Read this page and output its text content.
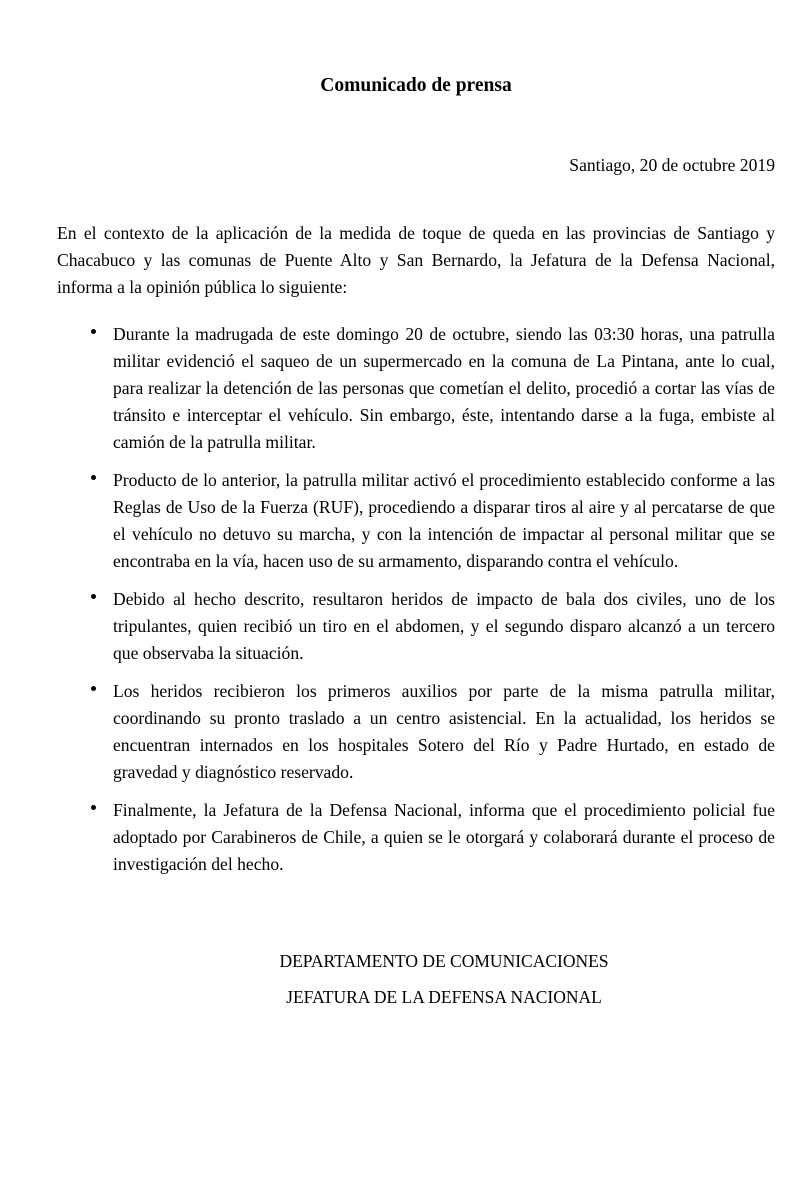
Comunicado de prensa

Santiago, 20 de octubre 2019

En el contexto de la aplicación de la medida de toque de queda en las provincias de Santiago y Chacabuco y las comunas de Puente Alto y San Bernardo, la Jefatura de la Defensa Nacional, informa a la opinión pública lo siguiente:

Durante la madrugada de este domingo 20 de octubre, siendo las 03:30 horas, una patrulla militar evidenció el saqueo de un supermercado en la comuna de La Pintana, ante lo cual, para realizar la detención de las personas que cometían el delito, procedió a cortar las vías de tránsito e interceptar el vehículo. Sin embargo, éste, intentando darse a la fuga, embiste al camión de la patrulla militar.
Producto de lo anterior, la patrulla militar activó el procedimiento establecido conforme a las Reglas de Uso de la Fuerza (RUF), procediendo a disparar tiros al aire y al percatarse de que el vehículo no detuvo su marcha, y con la intención de impactar al personal militar que se encontraba en la vía, hacen uso de su armamento, disparando contra el vehículo.
Debido al hecho descrito, resultaron heridos de impacto de bala dos civiles, uno de los tripulantes, quien recibió un tiro en el abdomen, y el segundo disparo alcanzó a un tercero que observaba la situación.
Los heridos recibieron los primeros auxilios por parte de la misma patrulla militar, coordinando su pronto traslado a un centro asistencial. En la actualidad, los heridos se encuentran internados en los hospitales Sotero del Río y Padre Hurtado, en estado de gravedad y diagnóstico reservado.
Finalmente, la Jefatura de la Defensa Nacional, informa que el procedimiento policial fue adoptado por Carabineros de Chile, a quien se le otorgará y colaborará durante el proceso de investigación del hecho.

DEPARTAMENTO DE COMUNICACIONES

JEFATURA DE LA DEFENSA NACIONAL
